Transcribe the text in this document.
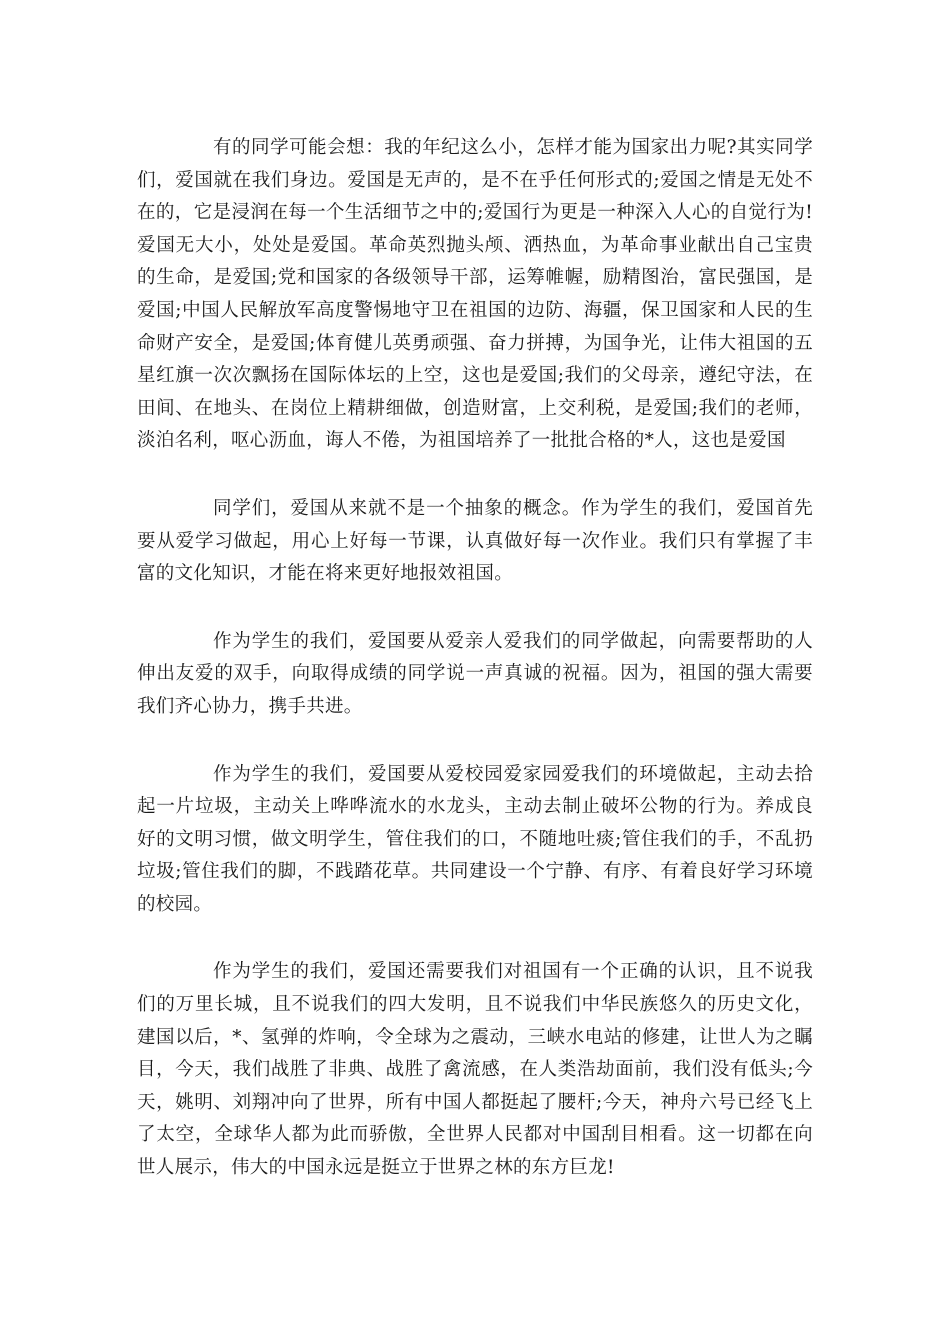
有的同学可能会想：我的年纪这么小，怎样才能为国家出力呢?其实同学们，爱国就在我们身边。爱国是无声的，是不在乎任何形式的;爱国之情是无处不在的，它是浸润在每一个生活细节之中的;爱国行为更是一种深入人心的自觉行为!爱国无大小，处处是爱国。革命英烈抛头颅、洒热血，为革命事业献出自己宝贵的生命，是爱国;党和国家的各级领导干部，运筹帷幄，励精图治，富民强国，是爱国;中国人民解放军高度警惕地守卫在祖国的边防、海疆，保卫国家和人民的生命财产安全，是爱国;体育健儿英勇顽强、奋力拼搏，为国争光，让伟大祖国的五星红旗一次次飘扬在国际体坛的上空，这也是爱国;我们的父母亲，遵纪守法，在田间、在地头、在岗位上精耕细做，创造财富，上交利税，是爱国;我们的老师，淡泊名利，呕心沥血，诲人不倦，为祖国培养了一批批合格的*人，这也是爱国

同学们，爱国从来就不是一个抽象的概念。作为学生的我们，爱国首先要从爱学习做起，用心上好每一节课，认真做好每一次作业。我们只有掌握了丰富的文化知识，才能在将来更好地报效祖国。

作为学生的我们，爱国要从爱亲人爱我们的同学做起，向需要帮助的人伸出友爱的双手，向取得成绩的同学说一声真诚的祝福。因为，祖国的强大需要我们齐心协力，携手共进。

作为学生的我们，爱国要从爱校园爱家园爱我们的环境做起，主动去拾起一片垃圾，主动关上哗哗流水的水龙头，主动去制止破坏公物的行为。养成良好的文明习惯，做文明学生，管住我们的口，不随地吐痰;管住我们的手，不乱扔垃圾;管住我们的脚，不践踏花草。共同建设一个宁静、有序、有着良好学习环境的校园。

作为学生的我们，爱国还需要我们对祖国有一个正确的认识，且不说我们的万里长城，且不说我们的四大发明，且不说我们中华民族悠久的历史文化，建国以后，*、氢弹的炸响，令全球为之震动，三峡水电站的修建，让世人为之瞩目，今天，我们战胜了非典、战胜了禽流感，在人类浩劫面前，我们没有低头;今天，姚明、刘翔冲向了世界，所有中国人都挺起了腰杆;今天，神舟六号已经飞上了太空，全球华人都为此而骄傲，全世界人民都对中国刮目相看。这一切都在向世人展示，伟大的中国永远是挺立于世界之林的东方巨龙!
